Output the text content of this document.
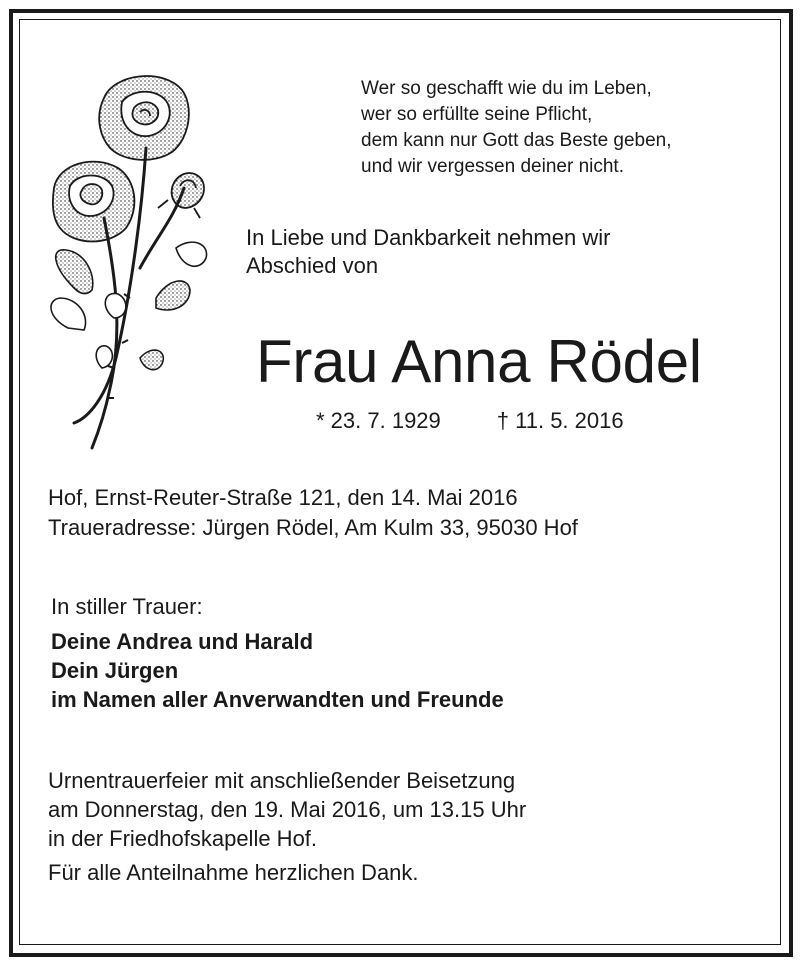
Wer so geschafft wie du im Leben,
wer so erfüllte seine Pflicht,
dem kann nur Gott das Beste geben,
und wir vergessen deiner nicht.
In Liebe und Dankbarkeit nehmen wir
Abschied von
Frau Anna Rödel
* 23. 7. 1929	† 11. 5. 2016
Hof, Ernst-Reuter-Straße 121, den 14. Mai 2016
Traueradresse: Jürgen Rödel, Am Kulm 33, 95030 Hof
In stiller Trauer:
Deine Andrea und Harald
Dein Jürgen
im Namen aller Anverwandten und Freunde
Urnentrauerfeier mit anschließender Beisetzung
am Donnerstag, den 19. Mai 2016, um 13.15 Uhr
in der Friedhofskapelle Hof.
Für alle Anteilnahme herzlichen Dank.
